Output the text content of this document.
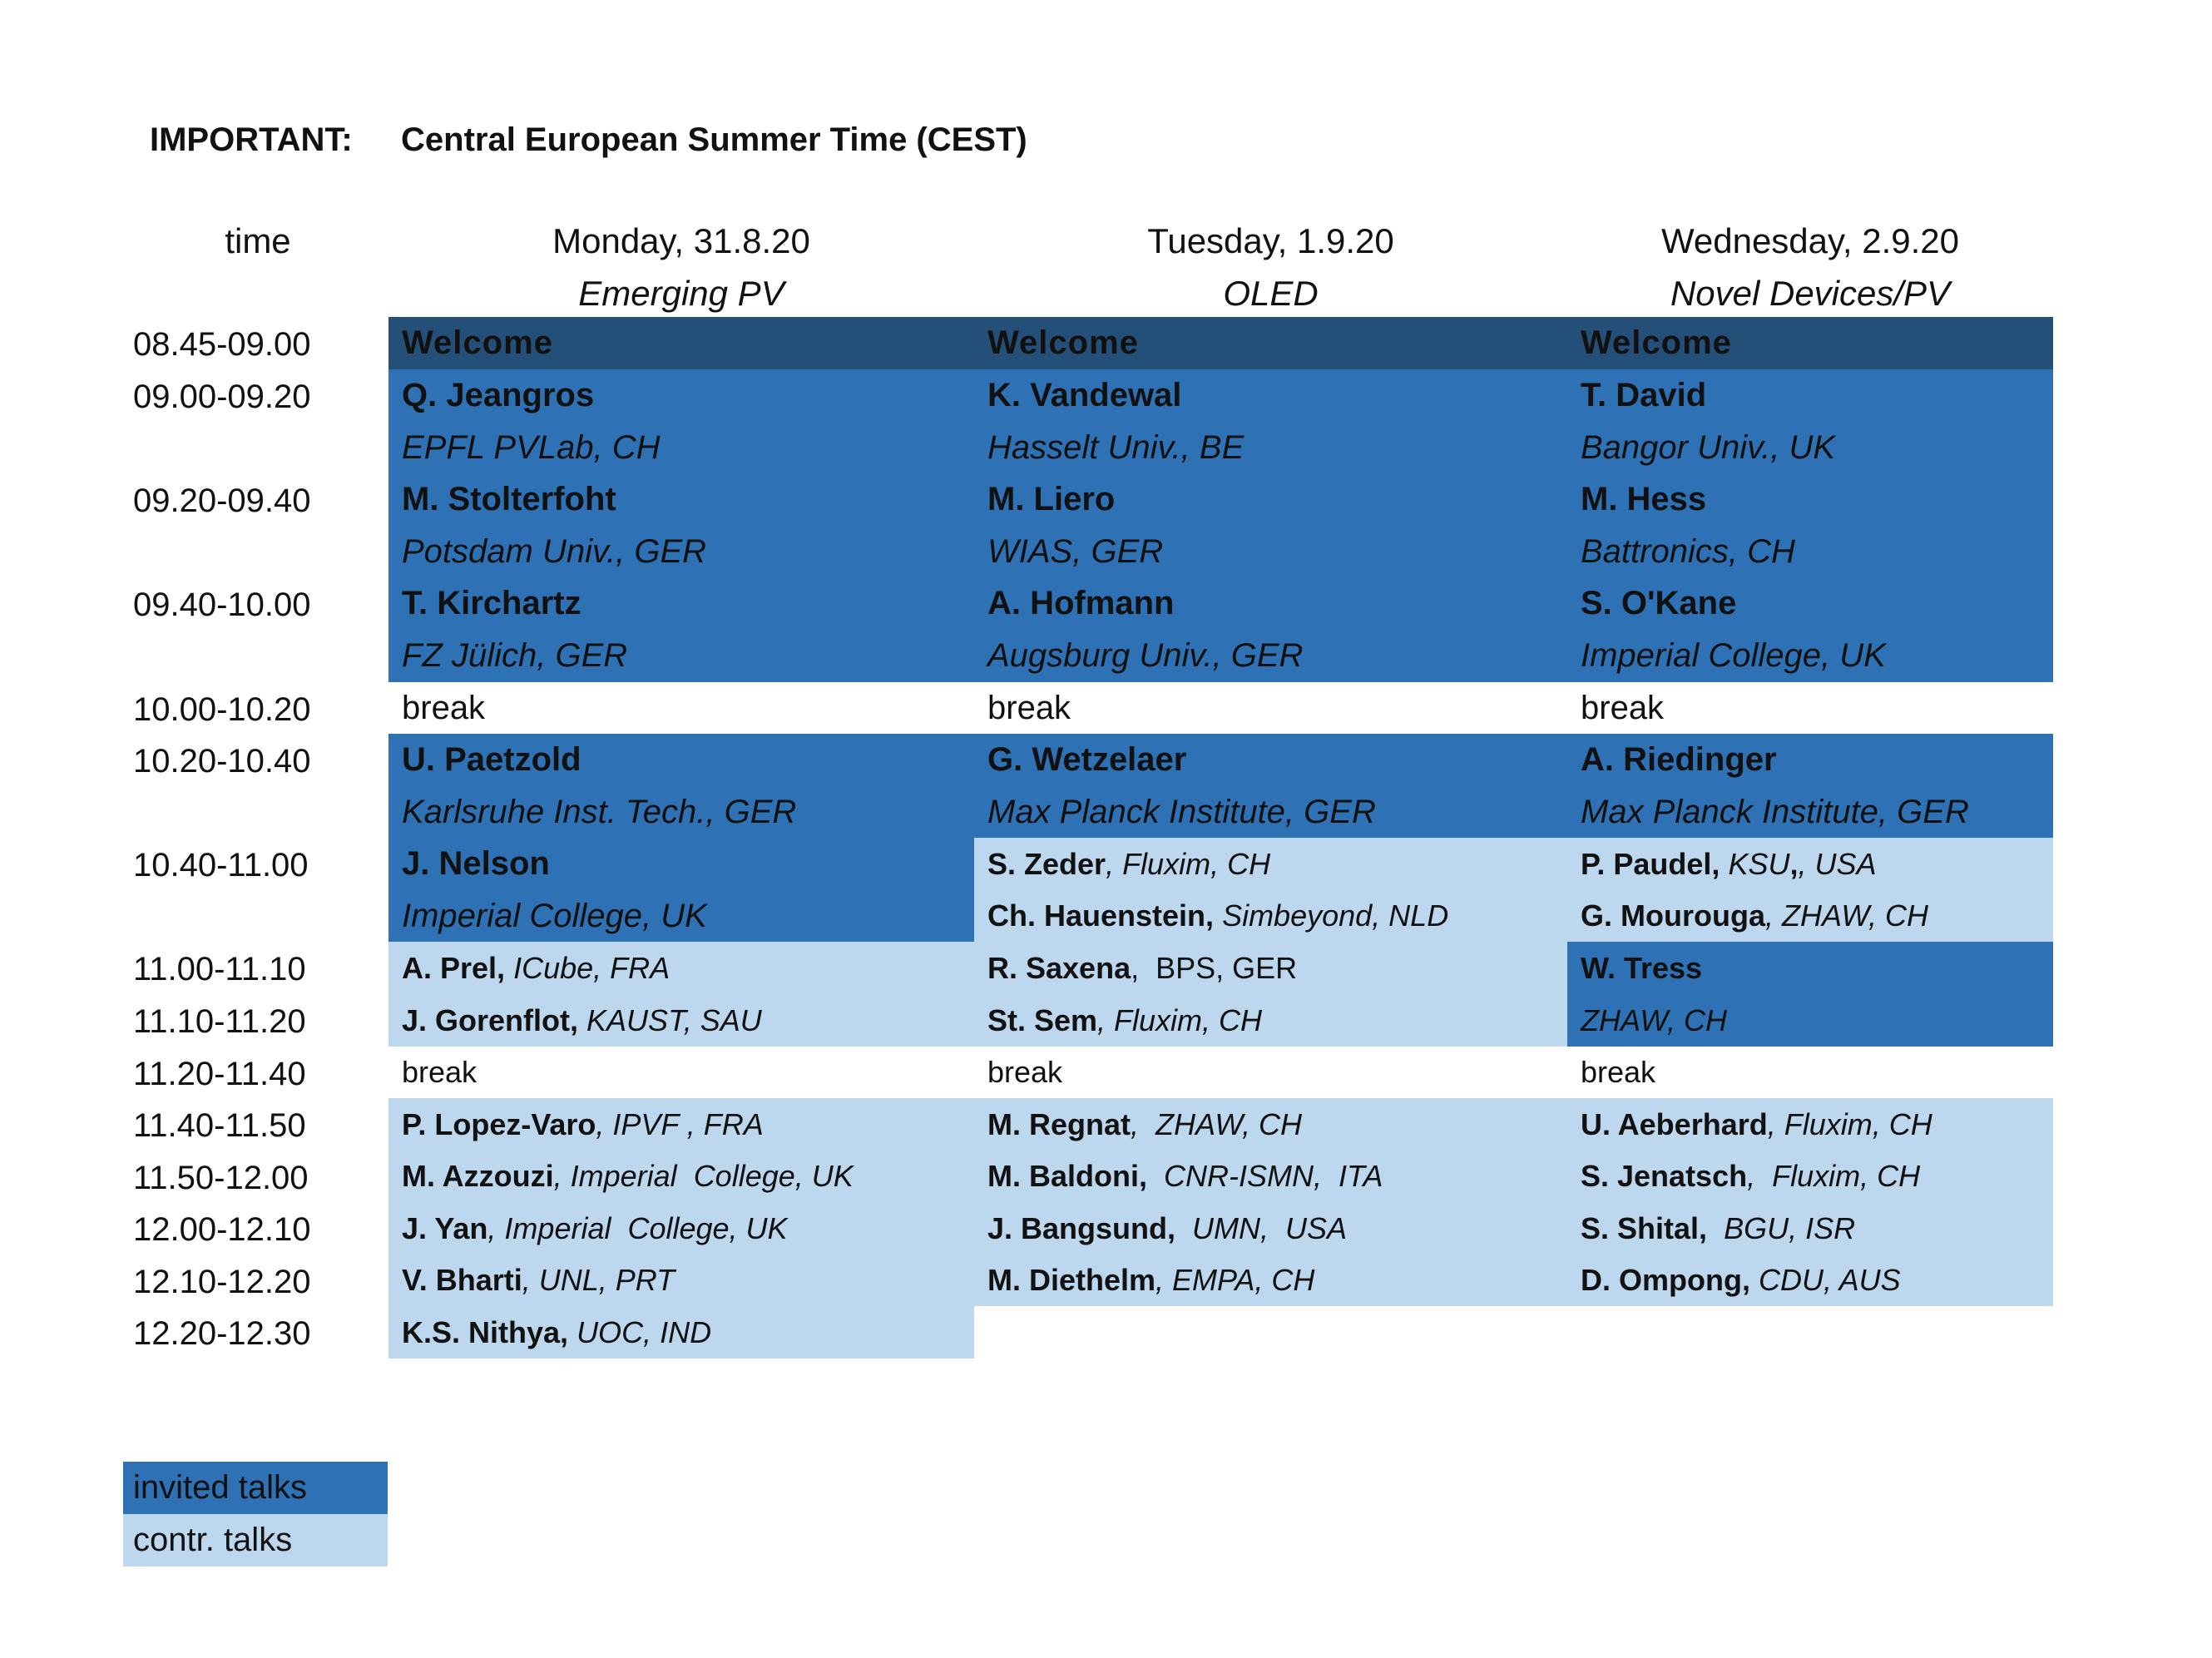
IMPORTANT: Central European Summer Time (CEST)
time	Monday, 31.8.20
Emerging PV
Tuesday, 1.9.20
OLED
Wednesday, 2.9.20
Novel Devices/PV
08.45-09.00
09.00-09.20
09.20-09.40
09.40-10.00
10.00-10.20
10.20-10.40
10.40-11.00
11.00-11.10
11.10-11.20
11.20-11.40
11.40-11.50
11.50-12.00
12.00-12.10
12.10-12.20
12.20-12.30
Welcome
Q. Jeangros
EPFL PVLab, CH
M. Stolterfoht
Potsdam Univ., GER
T. Kirchartz
FZ Jülich, GER
break
U. Paetzold
Karlsruhe Inst. Tech., GER
J. Nelson
Imperial College, UK
A. Prel,
ICube, FRA
J. Gorenflot,
KAUST, SAU
break
P. Lopez-Varo , IPVF , FRA
M. Azzouzi , Imperial  College, UK
J. Yan , Imperial  College, UK
V. Bharti , UNL, PRT
K.S. Nithya,
UOC, IND
Welcome
K. Vandewal
Hasselt Univ., BE
M. Liero
WIAS, GER
A. Hofmann
Augsburg Univ., GER
break
G. Wetzelaer
Max Planck Institute, GER
S. Zeder , Fluxim, CH
Ch. Hauenstein,
Simbeyond, NLD
R. Saxena ,  BPS, GER
St. Sem , Fluxim, CH
break
M. Regnat ,  ZHAW, CH
M. Baldoni,
CNR-ISMN,  ITA
J. Bangsund,
UMN,  USA
M. Diethelm , EMPA, CH
Welcome
T. David
Bangor Univ., UK
M. Hess
Battronics, CH
S. O'Kane
Imperial College, UK
break
A. Riedinger
Max Planck Institute, GER
P. Paudel,
KSU , , USA
G. Mourouga , ZHAW, CH
W. Tress
ZHAW, CH
break
U. Aeberhard , Fluxim, CH
S. Jenatsch ,  Fluxim, CH
S. Shital,
BGU, ISR
D. Ompong,
CDU, AUS
invited talks
contr. talks
